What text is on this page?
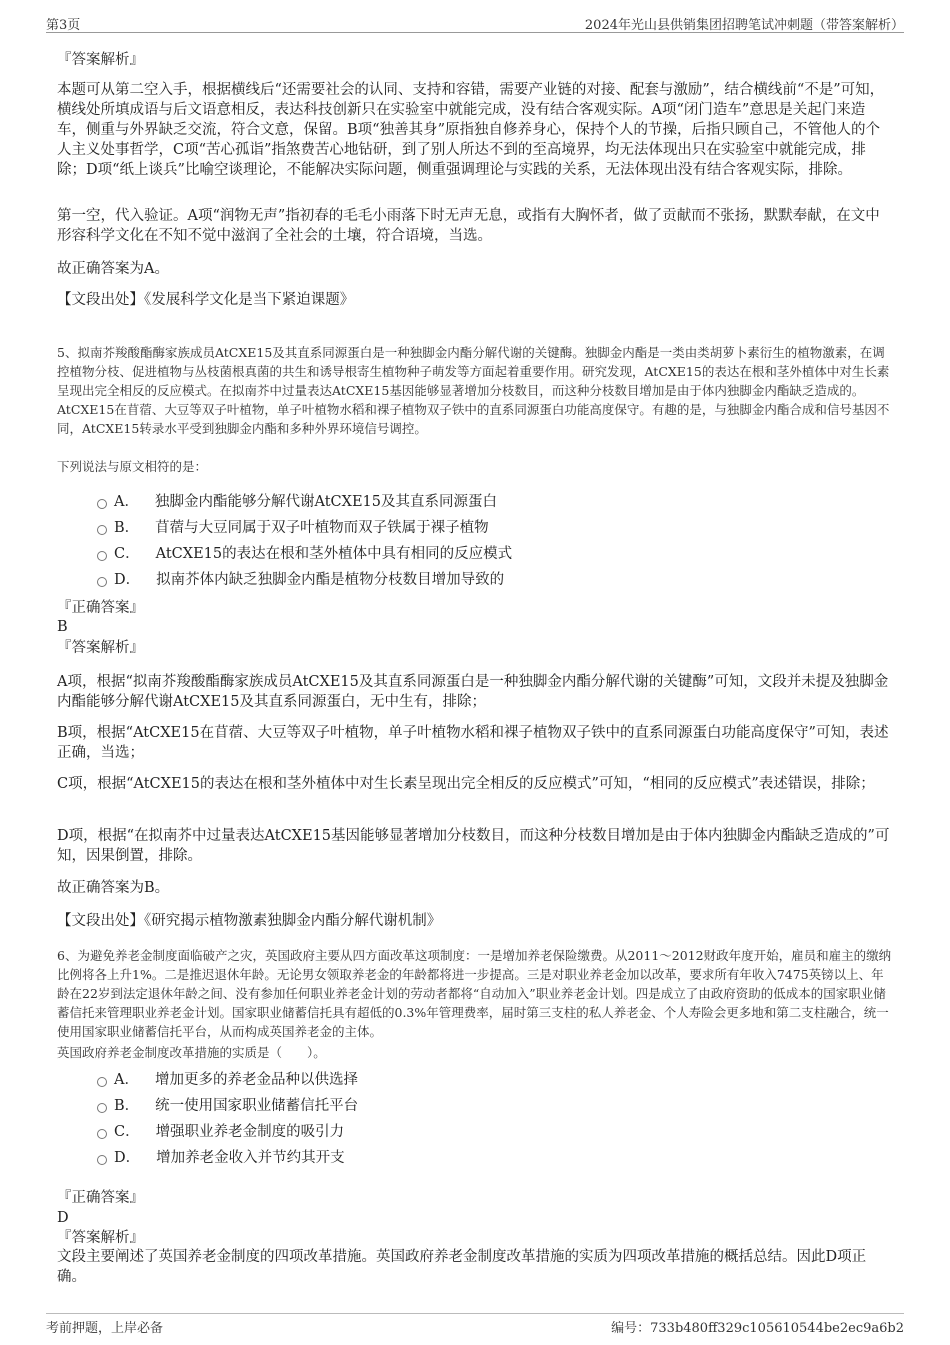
第3页	2024年光山县供销集团招聘笔试冲刺题（带答案解析）
『答案解析』
本题可从第二空入手，根据横线后“还需要社会的认同、支持和容错，需要产业链的对接、配套与激励”，结合横线前“不是”可知，横线处所填成语与后文语意相反，表达科技创新只在实验室中就能完成，没有结合客观实际。A项“闭门造车”意思是关起门来造车，侧重与外界缺乏交流，符合文意，保留。B项“独善其身”原指独自修养身心，保持个人的节操，后指只顾自己，不管他人的个人主义处事哲学，C项“苦心孤诣”指煞费苦心地钻研，到了别人所达不到的至高境界，均无法体现出只在实验室中就能完成，排除；D项“纸上谈兵”比喻空谈理论，不能解决实际问题，侧重强调理论与实践的关系，无法体现出没有结合客观实际，排除。
第一空，代入验证。A项“润物无声”指初春的毛毛小雨落下时无声无息，或指有大胸怀者，做了贡献而不张扬，默默奉献，在文中形容科学文化在不知不觉中滋润了全社会的土壤，符合语境，当选。
故正确答案为A。
【文段出处】《发展科学文化是当下紧迫课题》
5、拟南芥羧酸酯酶家族成员AtCXE15及其直系同源蛋白是一种独脚金内酯分解代谢的关键酶。独脚金内酯是一类由类胡萝卜素衍生的植物激素，在调控植物分枝、促进植物与丛枝菌根真菌的共生和诱导根寄生植物种子萌发等方面起着重要作用。研究发现，AtCXE15的表达在根和茎外植体中对生长素呈现出完全相反的反应模式。在拟南芥中过量表达AtCXE15基因能够显著增加分枝数目，而这种分枝数目增加是由于体内独脚金内酯缺乏造成的。AtCXE15在苜蓿、大豆等双子叶植物，单子叶植物水稻和裸子植物双子铁中的直系同源蛋白功能高度保守。有趣的是，与独脚金内酯合成和信号基因不同，AtCXE15转录水平受到独脚金内酯和多种外界环境信号调控。
下列说法与原文相符的是：
A． 独脚金内酯能够分解代谢AtCXE15及其直系同源蛋白
B． 苜蓿与大豆同属于双子叶植物而双子铁属于裸子植物
C． AtCXE15的表达在根和茎外植体中具有相同的反应模式
D． 拟南芥体内缺乏独脚金内酯是植物分枝数目增加导致的
『正确答案』
B
『答案解析』
A项，根据“拟南芥羧酸酯酶家族成员AtCXE15及其直系同源蛋白是一种独脚金内酯分解代谢的关键酶”可知，文段并未提及独脚金内酯能够分解代谢AtCXE15及其直系同源蛋白，无中生有，排除；
B项，根据“AtCXE15在苜蓿、大豆等双子叶植物，单子叶植物水稻和裸子植物双子铁中的直系同源蛋白功能高度保守”可知，表述正确，当选；
C项，根据“AtCXE15的表达在根和茎外植体中对生长素呈现出完全相反的反应模式”可知，“相同的反应模式”表述错误，排除；
D项，根据“在拟南芥中过量表达AtCXE15基因能够显著增加分枝数目，而这种分枝数目增加是由于体内独脚金内酯缺乏造成的”可知，因果倒置，排除。
故正确答案为B。
【文段出处】《研究揭示植物激素独脚金内酯分解代谢机制》
6、为避免养老金制度面临破产之灾，英国政府主要从四方面改革这项制度：一是增加养老保险缴费。从2011～2012财政年度开始，雇员和雇主的缴纳比例将各上升1%。二是推迟退休年龄。无论男女领取养老金的年龄都将进一步提高。三是对职业养老金加以改革，要求所有年收入7475英镑以上、年龄在22岁到法定退休年龄之间、没有参加任何职业养老金计划的劳动者都将“自动加入”职业养老金计划。四是成立了由政府资助的低成本的国家职业储蓄信托来管理职业养老金计划。国家职业储蓄信托具有超低的0.3%年管理费率，届时第三支柱的私人养老金、个人寿险会更多地和第二支柱融合，统一使用国家职业储蓄信托平台，从而构成英国养老金的主体。
英国政府养老金制度改革措施的实质是（　　）。
A． 增加更多的养老金品种以供选择
B． 统一使用国家职业储蓄信托平台
C． 增强职业养老金制度的吸引力
D． 增加养老金收入并节约其开支
『正确答案』
D
『答案解析』
文段主要阐述了英国养老金制度的四项改革措施。英国政府养老金制度改革措施的实质为四项改革措施的概括总结。因此D项正确。
考前押题，上岸必备	编号：733b480ff329c105610544be2ec9a6b2
